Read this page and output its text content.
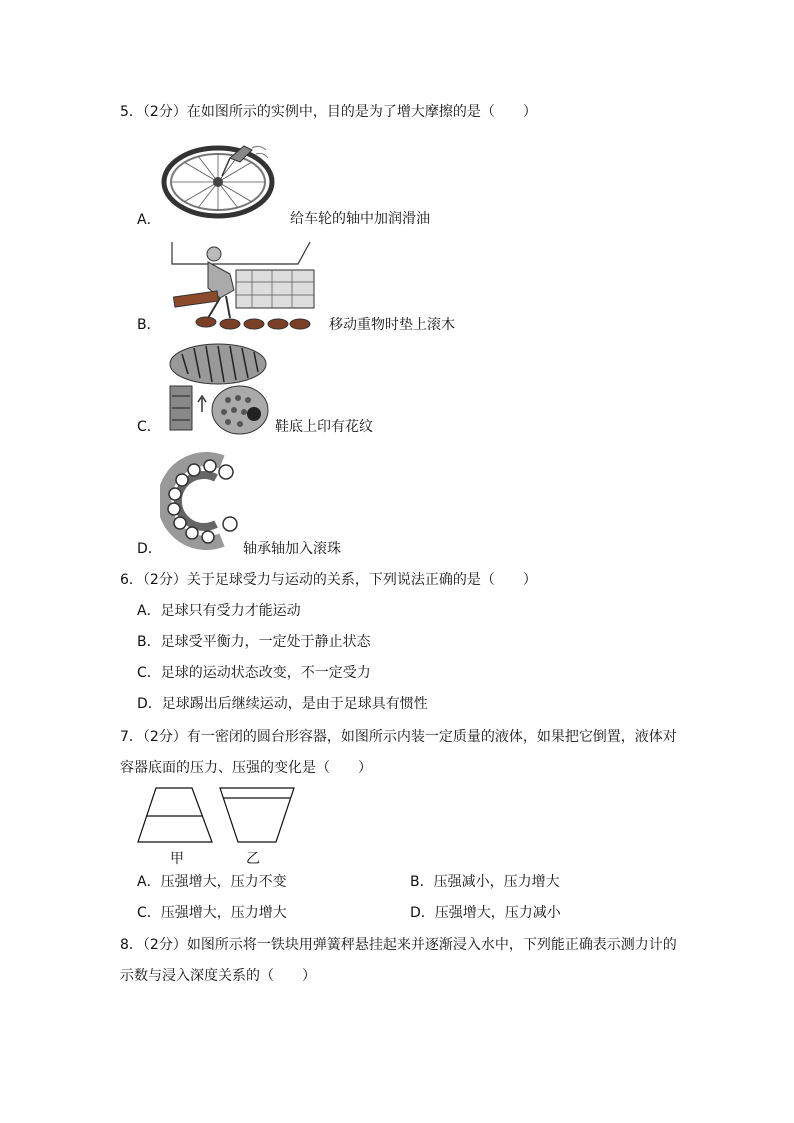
5．（2分）在如图所示的实例中，目的是为了增大摩擦的是（　　）
A．	给车轮的轴中加润滑油
B．	移动重物时垫上滚木
C．	鞋底上印有花纹
D．	轴承轴加入滚珠
6．（2分）关于足球受力与运动的关系，下列说法正确的是（　　）
A．足球只有受力才能运动
B．足球受平衡力，一定处于静止状态
C．足球的运动状态改变，不一定受力
D．足球踢出后继续运动，是由于足球具有惯性
7．（2分）有一密闭的圆台形容器，如图所示内装一定质量的液体，如果把它倒置，液体对
容器底面的压力、压强的变化是（　　）
甲	乙
A．压强增大，压力不变	B．压强减小，压力增大
C．压强增大，压力增大	D．压强增大，压力减小
8．（2分）如图所示将一铁块用弹簧秤悬挂起来并逐渐浸入水中，下列能正确表示测力计的
示数与浸入深度关系的（　　）
